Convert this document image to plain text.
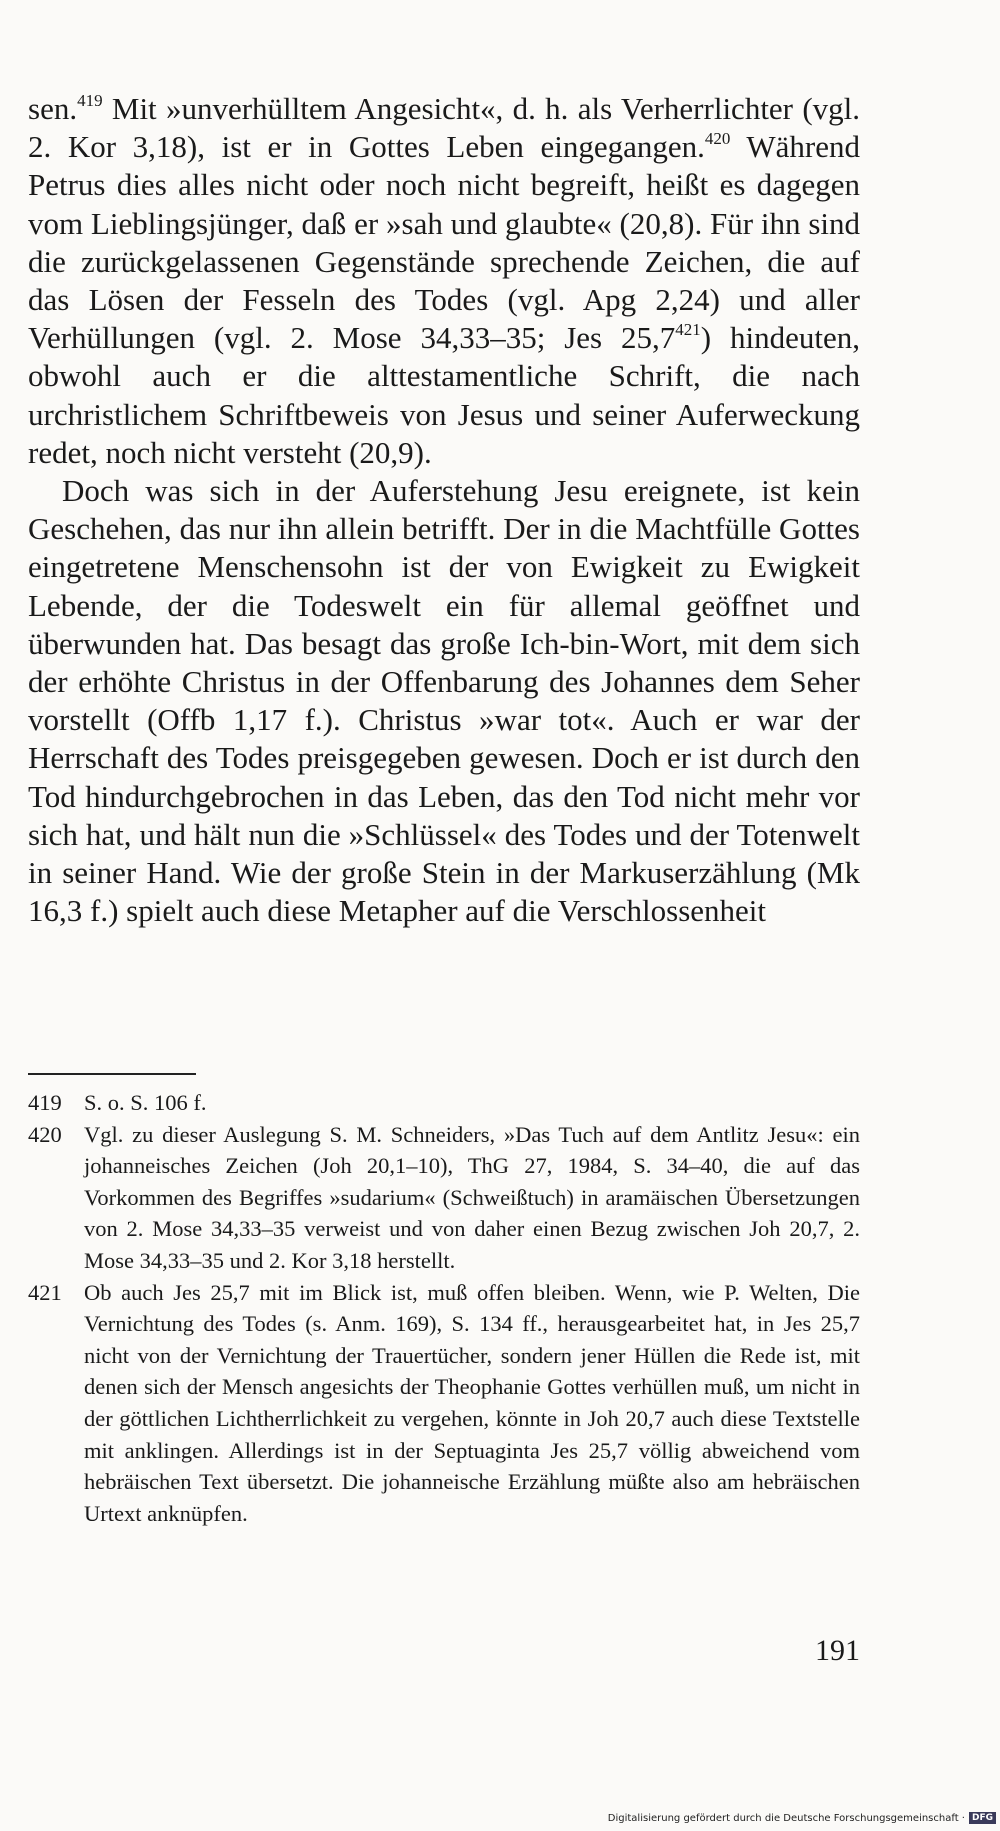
sen.$^{419}$ Mit »unverhülltem Angesicht«, d. h. als Verherrlichter (vgl. 2. Kor 3,18), ist er in Gottes Leben eingegangen.$^{420}$ Während Petrus dies alles nicht oder noch nicht begreift, heißt es dagegen vom Lieblingsjünger, daß er »sah und glaubte« (20,8). Für ihn sind die zurückgelassenen Gegenstände sprechende Zeichen, die auf das Lösen der Fesseln des Todes (vgl. Apg 2,24) und aller Verhüllungen (vgl. 2. Mose 34,33–35; Jes 25,7$^{421}$) hindeuten, obwohl auch er die alttestamentliche Schrift, die nach urchristlichem Schriftbeweis von Jesus und seiner Auferweckung redet, noch nicht versteht (20,9).

Doch was sich in der Auferstehung Jesu ereignete, ist kein Geschehen, das nur ihn allein betrifft. Der in die Machtfülle Gottes eingetretene Menschensohn ist der von Ewigkeit zu Ewigkeit Lebende, der die Todeswelt ein für allemal geöffnet und überwunden hat. Das besagt das große Ich-bin-Wort, mit dem sich der erhöhte Christus in der Offenbarung des Johannes dem Seher vorstellt (Offb 1,17 f.). Christus »war tot«. Auch er war der Herrschaft des Todes preisgegeben gewesen. Doch er ist durch den Tod hindurchgebrochen in das Leben, das den Tod nicht mehr vor sich hat, und hält nun die »Schlüssel« des Todes und der Totenwelt in seiner Hand. Wie der große Stein in der Markuserzählung (Mk 16,3 f.) spielt auch diese Metapher auf die Verschlossenheit

419 S. o. S. 106 f.
420 Vgl. zu dieser Auslegung S. M. Schneiders, »Das Tuch auf dem Antlitz Jesu«: ein johanneisches Zeichen (Joh 20,1–10), ThG 27, 1984, S. 34–40, die auf das Vorkommen des Begriffes »sudarium« (Schweißtuch) in aramäischen Übersetzungen von 2. Mose 34,33–35 verweist und von daher einen Bezug zwischen Joh 20,7, 2. Mose 34,33–35 und 2. Kor 3,18 herstellt.
421 Ob auch Jes 25,7 mit im Blick ist, muß offen bleiben. Wenn, wie P. Welten, Die Vernichtung des Todes (s. Anm. 169), S. 134 ff., herausgearbeitet hat, in Jes 25,7 nicht von der Vernichtung der Trauertücher, sondern jener Hüllen die Rede ist, mit denen sich der Mensch angesichts der Theophanie Gottes verhüllen muß, um nicht in der göttlichen Lichtherrlichkeit zu vergehen, könnte in Joh 20,7 auch diese Textstelle mit anklingen. Allerdings ist in der Septuaginta Jes 25,7 völlig abweichend vom hebräischen Text übersetzt. Die johanneische Erzählung müßte also am hebräischen Urtext anknüpfen.
191
Digitalisierung gefördert durch die Deutsche Forschungsgemeinschaft · DFG
